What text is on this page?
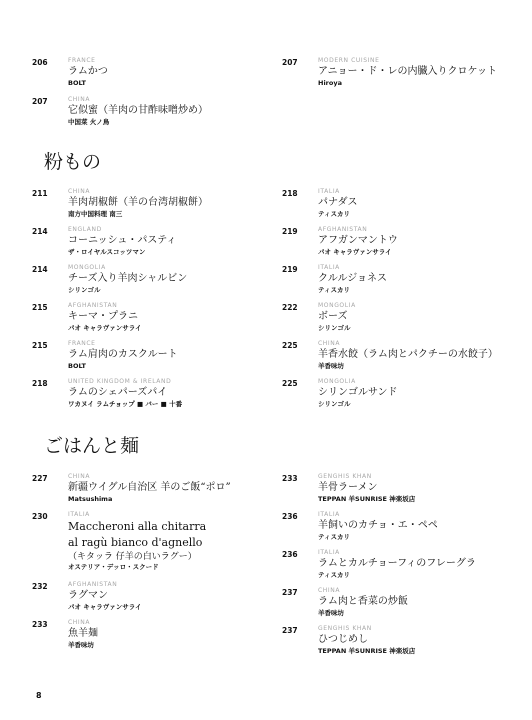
206	FRANCE
ラムかつ
BOLT
207	CHINA
它似蜜（羊肉の甘酢味噌炒め）
中国菜 火ノ鳥
207	MODERN CUISINE
アニョー・ド・レの内臓入りクロケット
Hiroya
粉もの
211	CHINA
羊肉胡椒餅（羊の台湾胡椒餅）
南方中国料理 南三
214	ENGLAND
コーニッシュ・パスティ
ザ・ロイヤルスコッツマン
214	MONGOLIA
チーズ入り羊肉シャルビン
シリンゴル
215	AFGHANISTAN
キーマ・プラニ
パオ キャラヴァンサライ
215	FRANCE
ラム肩肉のカスクルート
BOLT
218	UNITED KINGDOM & IRELAND
ラムのシェパーズパイ
ワカヌイ ラムチョップ ■ バー ■ 十番
218	ITALIA
パナダス
ティスカリ
219	AFGHANISTAN
アフガンマントウ
パオ キャラヴァンサライ
219	ITALIA
クルルジョネス
ティスカリ
222	MONGOLIA
ボーズ
シリンゴル
225	CHINA
羊香水餃（ラム肉とパクチーの水餃子）
羊香味坊
225	MONGOLIA
シリンゴルサンド
シリンゴル
ごはんと麺
227	CHINA
新疆ウイグル自治区 羊のご飯“ポロ”
Matsushima
230	ITALIA
Maccheroni alla chitarra
al ragù bianco d'agnello
（キタッラ 仔羊の白いラグー）
オステリア・デッロ・スクード
232	AFGHANISTAN
ラグマン
パオ キャラヴァンサライ
233	CHINA
魚羊麺
羊香味坊
233	GENGHIS KHAN
羊骨ラーメン
TEPPAN 羊SUNRISE 神楽坂店
236	ITALIA
羊飼いのカチョ・エ・ペペ
ティスカリ
236	ITALIA
ラムとカルチョーフィのフレーグラ
ティスカリ
237	CHINA
ラム肉と香菜の炒飯
羊香味坊
237	GENGHIS KHAN
ひつじめし
TEPPAN 羊SUNRISE 神楽坂店
8
